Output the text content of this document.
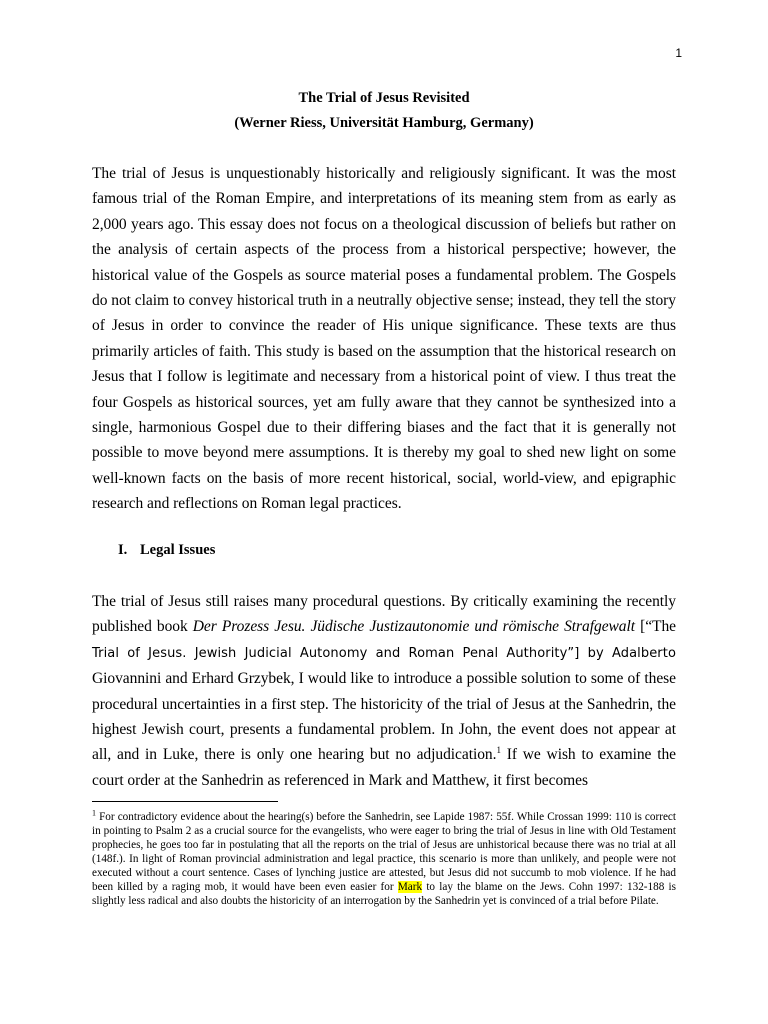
1
The Trial of Jesus Revisited
(Werner Riess, Universität Hamburg, Germany)

The trial of Jesus is unquestionably historically and religiously significant. It was the most famous trial of the Roman Empire, and interpretations of its meaning stem from as early as 2,000 years ago. This essay does not focus on a theological discussion of beliefs but rather on the analysis of certain aspects of the process from a historical perspective; however, the historical value of the Gospels as source material poses a fundamental problem. The Gospels do not claim to convey historical truth in a neutrally objective sense; instead, they tell the story of Jesus in order to convince the reader of His unique significance. These texts are thus primarily articles of faith. This study is based on the assumption that the historical research on Jesus that I follow is legitimate and necessary from a historical point of view. I thus treat the four Gospels as historical sources, yet am fully aware that they cannot be synthesized into a single, harmonious Gospel due to their differing biases and the fact that it is generally not possible to move beyond mere assumptions. It is thereby my goal to shed new light on some well-known facts on the basis of more recent historical, social, world-view, and epigraphic research and reflections on Roman legal practices.

I. Legal Issues

The trial of Jesus still raises many procedural questions. By critically examining the recently published book Der Prozess Jesu. Jüdische Justizautonomie und römische Strafgewalt [“The Trial of Jesus. Jewish Judicial Autonomy and Roman Penal Authority”] by Adalberto Giovannini and Erhard Grzybek, I would like to introduce a possible solution to some of these procedural uncertainties in a first step. The historicity of the trial of Jesus at the Sanhedrin, the highest Jewish court, presents a fundamental problem. In John, the event does not appear at all, and in Luke, there is only one hearing but no adjudication.$^1$ If we wish to examine the court order at the Sanhedrin as referenced in Mark and Matthew, it first becomes

$^1$ For contradictory evidence about the hearing(s) before the Sanhedrin, see Lapide 1987: 55f. While Crossan 1999: 110 is correct in pointing to Psalm 2 as a crucial source for the evangelists, who were eager to bring the trial of Jesus in line with Old Testament prophecies, he goes too far in postulating that all the reports on the trial of Jesus are unhistorical because there was no trial at all (148f.). In light of Roman provincial administration and legal practice, this scenario is more than unlikely, and people were not executed without a court sentence. Cases of lynching justice are attested, but Jesus did not succumb to mob violence. If he had been killed by a raging mob, it would have been even easier for Mark to lay the blame on the Jews. Cohn 1997: 132-188 is slightly less radical and also doubts the historicity of an interrogation by the Sanhedrin yet is convinced of a trial before Pilate.
